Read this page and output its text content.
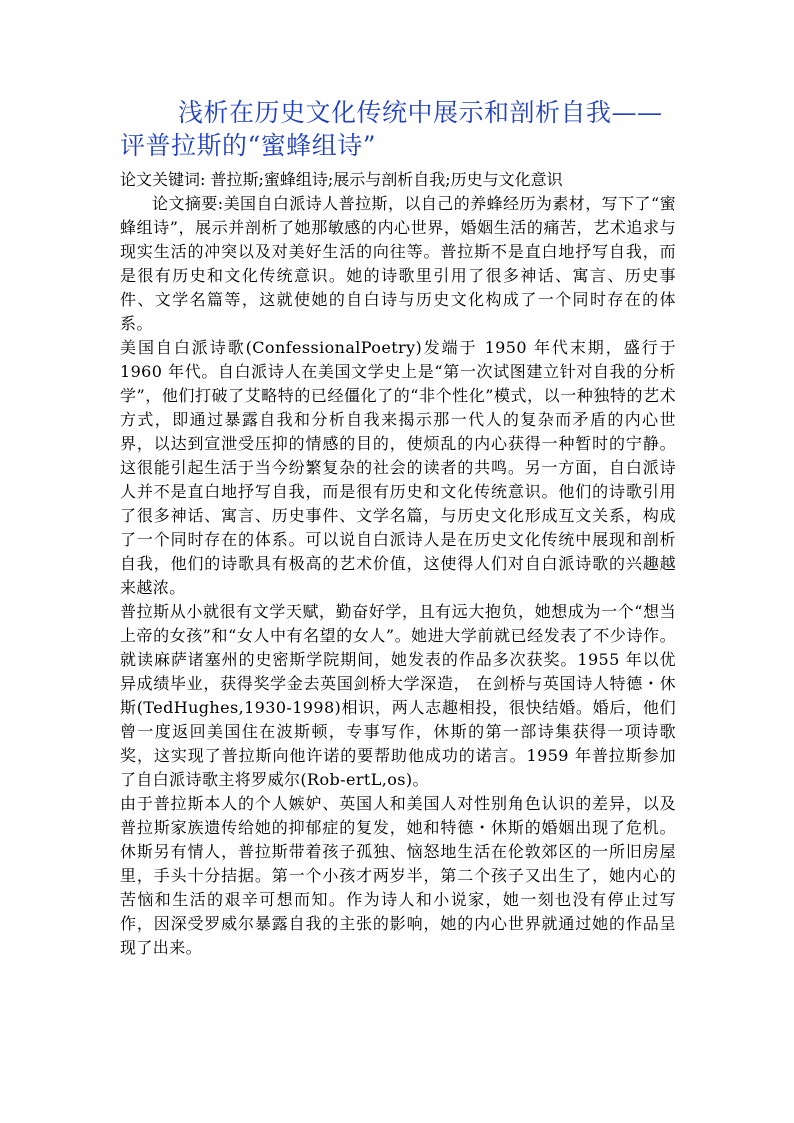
浅析在历史文化传统中展示和剖析自我——评普拉斯的“蜜蜂组诗”

论文关键词: 普拉斯;蜜蜂组诗;展示与剖析自我;历史与文化意识

论文摘要:美国自白派诗人普拉斯，以自己的养蜂经历为素材，写下了“蜜蜂组诗”，展示并剖析了她那敏感的内心世界，婚姻生活的痛苦，艺术追求与现实生活的冲突以及对美好生活的向往等。普拉斯不是直白地抒写自我，而是很有历史和文化传统意识。她的诗歌里引用了很多神话、寓言、历史事件、文学名篇等，这就使她的自白诗与历史文化构成了一个同时存在的体系。

美国自白派诗歌(ConfessionalPoetry)发端于 1950 年代末期，盛行于 1960 年代。自白派诗人在美国文学史上是“第一次试图建立针对自我的分析学”，他们打破了艾略特的已经僵化了的“非个性化”模式，以一种独特的艺术方式，即通过暴露自我和分析自我来揭示那一代人的复杂而矛盾的内心世界，以达到宣泄受压抑的情感的目的，使烦乱的内心获得一种暂时的宁静。这很能引起生活于当今纷繁复杂的社会的读者的共鸣。另一方面，自白派诗人并不是直白地抒写自我，而是很有历史和文化传统意识。他们的诗歌引用了很多神话、寓言、历史事件、文学名篇，与历史文化形成互文关系，构成了一个同时存在的体系。可以说自白派诗人是在历史文化传统中展现和剖析自我，他们的诗歌具有极高的艺术价值，这使得人们对自白派诗歌的兴趣越来越浓。

普拉斯从小就很有文学天赋，勤奋好学，且有远大抱负，她想成为一个“想当上帝的女孩”和“女人中有名望的女人”。她进大学前就已经发表了不少诗作。就读麻萨诸塞州的史密斯学院期间，她发表的作品多次获奖。1955 年以优异成绩毕业，获得奖学金去英国剑桥大学深造， 在剑桥与英国诗人特德・休斯(TedHughes,1930-1998)相识，两人志趣相投，很快结婚。婚后，他们曾一度返回美国住在波斯顿，专事写作，休斯的第一部诗集获得一项诗歌奖，这实现了普拉斯向他许诺的要帮助他成功的诺言。1959 年普拉斯参加了自白派诗歌主将罗威尔(Rob-ertL,os)。

由于普拉斯本人的个人嫉妒、英国人和美国人对性别角色认识的差异，以及普拉斯家族遗传给她的抑郁症的复发，她和特德・休斯的婚姻出现了危机。休斯另有情人，普拉斯带着孩子孤独、恼怒地生活在伦敦郊区的一所旧房屋里，手头十分拮据。第一个小孩才两岁半，第二个孩子又出生了，她内心的苦恼和生活的艰辛可想而知。作为诗人和小说家，她一刻也没有停止过写作，因深受罗威尔暴露自我的主张的影响，她的内心世界就通过她的作品呈现了出来。
